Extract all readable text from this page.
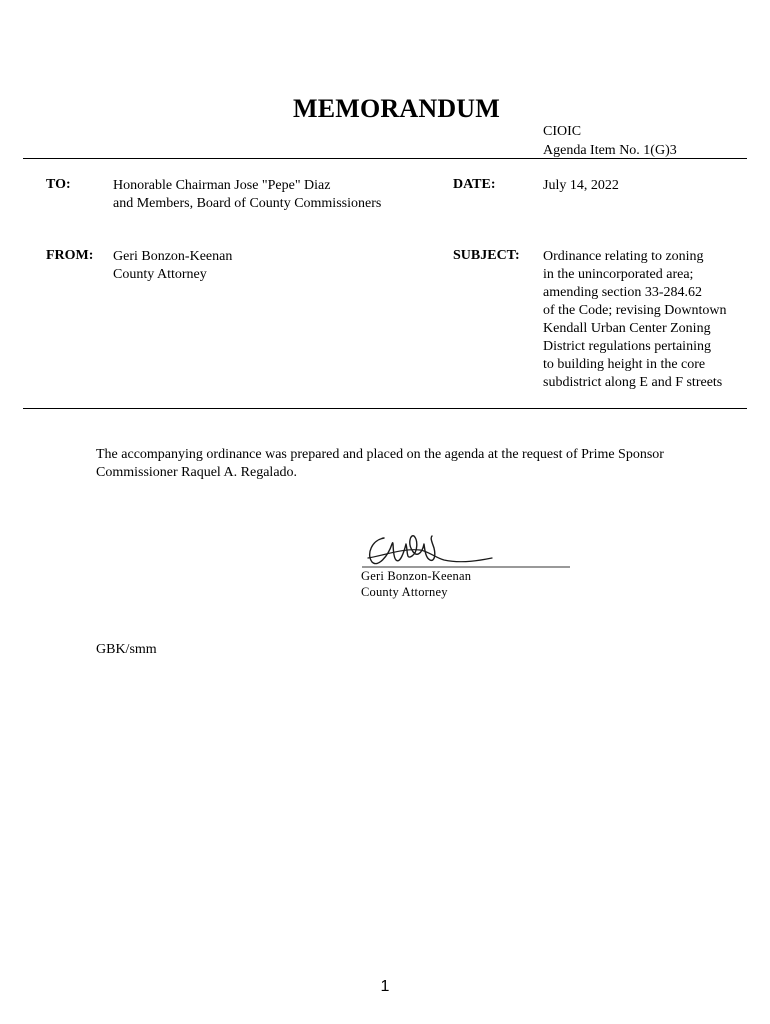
MEMORANDUM
CIOIC
Agenda Item No. 1(G)3
TO:	Honorable Chairman Jose "Pepe" Diaz
and Members, Board of County Commissioners
DATE:	July 14, 2022
FROM: Geri Bonzon-Keenan
County Attorney
SUBJECT: Ordinance relating to zoning
in the unincorporated area;
amending section 33-284.62
of the Code; revising Downtown
Kendall Urban Center Zoning
District regulations pertaining
to building height in the core
subdistrict along E and F streets
The accompanying ordinance was prepared and placed on the agenda at the request of Prime Sponsor
Commissioner Raquel A. Regalado.
Geri Bonzon-Keenan
County Attorney
GBK/smm
1
